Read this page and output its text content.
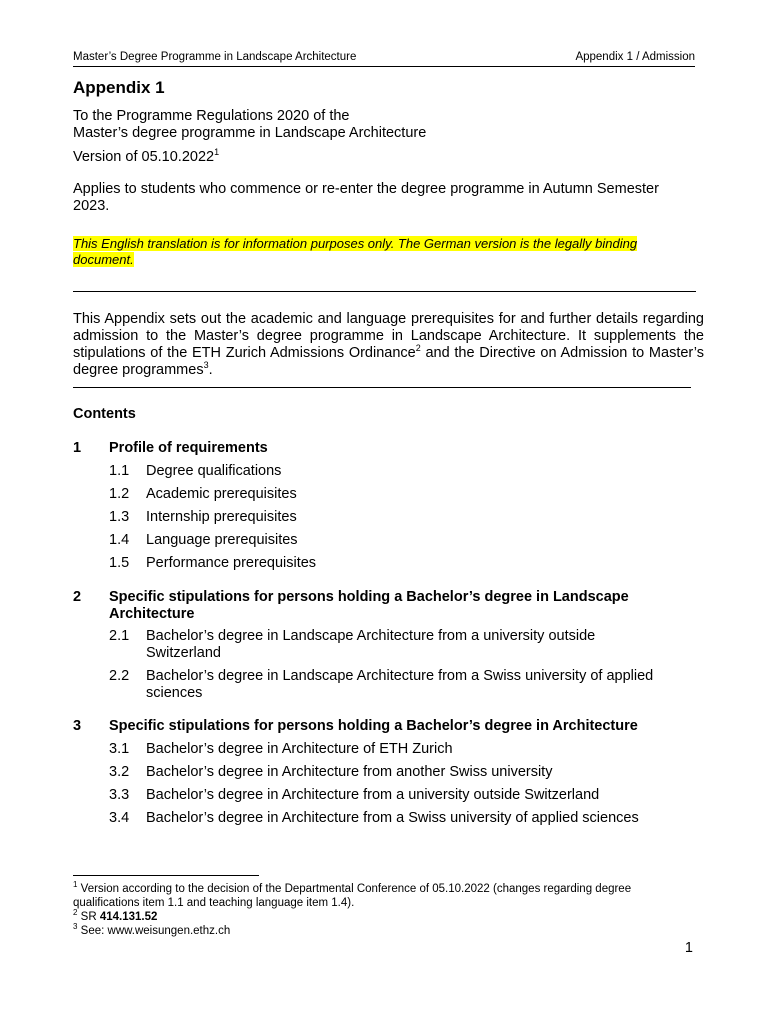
Master’s Degree Programme in Landscape Architecture	Appendix 1 / Admission
Appendix 1
To the Programme Regulations 2020 of the
Master’s degree programme in Landscape Architecture
Version of 05.10.2022$^1$
Applies to students who commence or re-enter the degree programme in Autumn Semester 2023.
This English translation is for information purposes only. The German version is the legally binding document.
This Appendix sets out the academic and language prerequisites for and further details regarding admission to the Master’s degree programme in Landscape Architecture. It supplements the stipulations of the ETH Zurich Admissions Ordinance$^2$ and the Directive on Admission to Master’s degree programmes$^3$.
Contents
1 Profile of requirements
1.1 Degree qualifications
1.2 Academic prerequisites
1.3 Internship prerequisites
1.4 Language prerequisites
1.5 Performance prerequisites
2 Specific stipulations for persons holding a Bachelor’s degree in Landscape Architecture
2.1 Bachelor’s degree in Landscape Architecture from a university outside Switzerland
2.2 Bachelor’s degree in Landscape Architecture from a Swiss university of applied sciences
3 Specific stipulations for persons holding a Bachelor’s degree in Architecture
3.1 Bachelor’s degree in Architecture of ETH Zurich
3.2 Bachelor’s degree in Architecture from another Swiss university
3.3 Bachelor’s degree in Architecture from a university outside Switzerland
3.4 Bachelor’s degree in Architecture from a Swiss university of applied sciences
$^1$ Version according to the decision of the Departmental Conference of 05.10.2022 (changes regarding degree qualifications item 1.1 and teaching language item 1.4).
$^2$ SR 414.131.52
$^3$ See: www.weisungen.ethz.ch
1
